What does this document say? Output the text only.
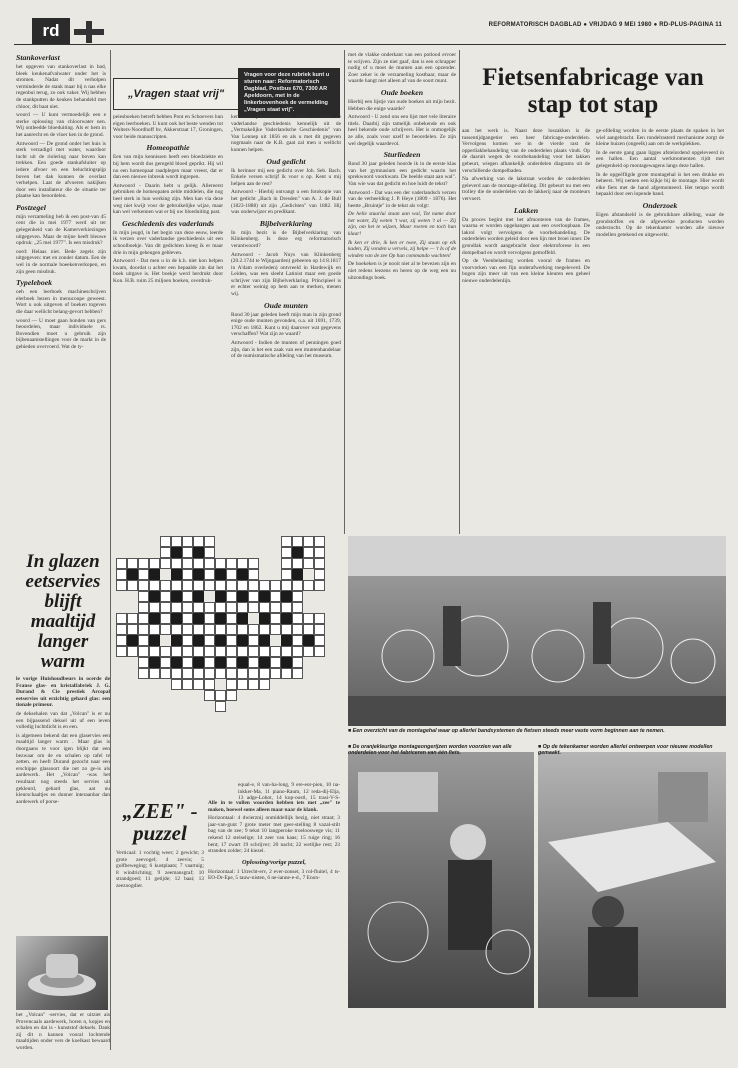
rd	REFORMATORISCH DAGBLAD ● VRIJDAG 9 MEI 1980 ● RD-PLUS-PAGINA 11
Stankoverlast

het opgeven van stankoverlast in bad, bleek keukenafvalwater onder het is stromen. Nadat dit verholpen verminderde de stank maar bij n nas elke regenbui terug, zo ook vaker. Wij hebben de stankputten de keuken behandeld met chloor, dit baat niet.

woord — U kunt vermoedelijk een e sterke oplossing van chloorwater nen. Wij ontleedde bloeduiting. Als er hem in het aanrecht en de vloer ken in de grond.

Antwoord — De grond onder het huis is sterk verzadigd met water, waardoor lucht uit de riolering naar boven kan trekken. Een goede stankafsluiter op iedere afvoer en een beluchtingspijp boven het dak kunnen de overlast verhelpen. Laat de afvoeren nakijken door een installateur die de situatie ter plaatse kan beoordelen.

Postzegel

mijn verzameling heb ik een post-van 45 cent die in mei 1977 werd uit ter gelegenheid van de Kamerverkiezingen uitgegeven. Maar de mijne heeft bleuwe opdruk: „25 mei 1977". Is een misdruk?

oord: Helaas niet. Bede zegels zijn uitgegeven: met en zonder datum. Een de wel in de normale boeekenverkopen, en zijn geen misdruk.

Typeleboek

oeh een leerboek machineschrijven elerboek bezen in menucoupe geweest. Wort u ook uitgeven of boeken togeven die daar wellicht belang-gevort hebben?

woord — U moet gaan honden van gers beoordelen, maar individuele rs. Bovendien moet u gebruik zijn bijbenaamstellingen voor de markt in de gebieden overvoerd. Wat de ty-

In glazen eetservies blijft maaltijd langer warm

le vorige Huishoudbeurs in ocerde de Franse glas- en kristalfabriek J. G. Durand & Cie prestiek Arcopal eetservies uit erzichtig gehard glas: een tionale primeur.

de deksehalen van dat „Volcan" is er nu een bijpassend deksel uit uf een ieven volledig luchtdicht is en een.

is algemeen bekend dat een glaservies een maaltijd langer warm . Maar glas is doorgaans te voor igen blijkt dat een bezwaar om de en schalen op tafel te zetten. en heeft Durand gezocht naar een erschippe glassoort die net zo ge-is als aardewerk. Het „Volcan" -was het resultaat: nog steeds het servies uit gekleurd, gehard glas, aat nu kleurschaaltjes en dunner interaanbar dan aardewerk of porse-

het „Volcan" -servies, dat er uitziet ais Provencaals aardewerk, horen n, kopjes en schalen en dat is - kunststof deksels. Dank zij dit n kannen vooral lochtende maaltijden onder vers de koelkast bewaard worden.

„Vragen staat vrij"
Vragen voor deze rubriek kunt u sturen naar: Reformatorisch Dagblad, Postbus 670, 7300 AR Apeldoorn, met in de linkerbovenhoek de vermelding „Vragen staat vrij".

peiesboeken betreft hebben Pont en Schoevers hun eigen leerboeken. U kunt ook het beste wenden tot Wolters-Noordhoff bv, Akkerstraat 17, Groningen, voor beide manuscripten.

Homeopathie

Een van mijn kennissen heeft een bloedziekte en bij hem wordt dus geregeld bloed geprikt. Hij wil nu een homeopaat raadplegen maar vreest, dat er dan een nieuwe inbreuk wordt ingrepen.

Antwoord - Daarin hebt u gelijk. Allereerst gebruiken de homeopaten zelde middelen, die nog heel sterk in hun werking zijn. Men kan via deze weg niet kwijt voor de gebruikelijke wijze, maar kan wel verkennen wat er bij uw bloeduiting past.

Geschiedenis des vaderlands

In mijn jeugd, in het begin van deze eeuw, leerde ik verzen over vaderlandse geschiedenis uit een schoolboekje. Van dit gedichten kreeg ik er maar drie in mijn geheugen gebleven.

Antwoord - Dat men u in de k.h. niet kon helpen kwam, doordat u achter een bepaalde zin dat het boek uitgave is. Het boekje werd herdrukt door Kon. H.B. ruim 25 miljoen boeken, overdruk-

ken e.d. publikaties telt. Maar u hoeft de vaderlandse geschiedenis kennelijk uit de „Vermakelijke Vaderlandsche Geschiedenis" van Van Lennep uit 1856 en als u met dit gegeven nogmaals naar de K.B. gaat zal men u wellicht kunnen helpen.

Oud gedicht

Ik herinner mij een gedicht over Joh. Seb. Bach. Enkele versen schrijf ik voor u op. Kent u mij helpen aan de rest?

Antwoord - Hierbij ontvangt u een fotokopie van het gedicht „Bach in Dresden" van A. J. de Bull (1823-1888) uit zijn „Gedichten" van 1882. Hij was onderwijzer en predikant.

Bijbelverklaring

In mijn bezit is de Bijbelverklaring van Klinkenberg. Is deze erg reformatorisch verantwoord?

Antwoord - Jacob Nuys van Klinkenberg (20.2.1744 te Wijngaarden) gebeeren op 14 8.1817 in A'dam overleden) ontvreeld in Hardewijk en Leiden, was een sleeht Latinist maar een goede schrijver van zijn Bijbelverklaring. Principieel is er echter weinig op hem aan te merken, menen wij.

Oude munten

Rond 30 jaar geleden heeft mijn man in zijn grond enige oude munten gevonden, o.a. uit 1691, 1739, 1702 en 1862. Kunt u mij daarover wat gegevens verschaffen? Wat zijn ze waard?

Antwoord - Indien de munten of penningen goed zijn, dan is het een zaak van een muntenhandelaar of de numismatische afdeling van het museum.

met de vlakke onderkant van een potlood ervoer te wrijven. Zijn ze niet gaaf, dan is een schrapper nodig of u moet de munten aan een opzender. Zoer zeker is de verzameling kostbaar, maar de waarde hangt niet alleen af van de soort munt.

Oude boeken

Hierbij een lijstje van oude boeken uit mijn bezit. Hebben die enige waarde?

Antwoord - U zend ons een lijst met vele literaire titels. Daarbij zijn tamelijk onbekende en ook heel bekende oude schrijvers. Het is onmogelijk ze alle, zoals voor uzelf te beoordelen. Ze zijn wel degelijk waardevol.

Sturliedeen

Rond 30 jaar geleden hoorde ik in de eerste klas van het gymnasium een gedicht waarin het sprekwoord voorkwam. De beelde staat aan wal". Van wie was dat gedicht en hoe luidt de tekst?

Antwoord - Dat was een der vaderlandsch verzen van de verbeelding J. P. Heye (1809 - 1876). Het heette „Bruintje" in de tekst als volgt:

De helie stuurlui staan aan wal, Tot name door het water, Zij weten 't wat, zij weten 't al — Zij zijn, om het te wijzen, Maar roeren en toch hun klaar!

Ik ken er drie, ik ken er twee, Zij staan op elk kaden, Zij vonden u vervels, zij helpe — 't Is of de winden van de zee Op hun commando wachten!

De hoekeken is je nooit niet al te bevezen zijn en niet redens leezens en heren op de weg een nu uitzondings boek.

Fietsenfabricage van stap tot stap

aan het werk is. Naast deze loszakken is de tussentijdgangetier een heer fabricage-onderdelen. Vervolgens komen we in de vierde rast de opperliakbehandeling van de onderdelen plaats vindt. Op de daaruit wegen de voorbehandeling voor het lakken gebeurt, wiegen afhankelijk onderdelen diagrams uit de verschillende dompelbaden.

Na afwerking van de lakstraat worden de onderdelen geleverd aan de montage-afdeling. Dit gebeurt nu met een trolley die de onderdelen van de lakkerij naar de monteurs vervoert.

Lakken

Da proces begint met het afmonteren van de frames, waarna er worden opgehangen aan een overloopbaan. De lakrol volgt vervolgens de voorbehandeling. De onderdelen worden geleid door een lijn met broei inner. De grondlak wordt aangebracht door elektroforese in een dompelbad en wordt vervolgens gemoffeld.

Op de Veenbelasting worden vooral de frames en voorvorken van een fijn onderafwerking toegeleverd. De bogen zijn meer uit van een kleine kleuren een geheel nieuwe onderdelenlijn.

ge-ofdeling worden in de eerste plaats de spaken in het wiel aangebracht. Een rondelrasterd mechanisme zorgt de kleine huizen (ongeelk) aan om de werkplekken.

In de eerste gang gaan ligges afstelordend opgeleveerd in een hallen. Een aantal werkmomenten rijdt met gelegenheid op montagewagens langs deze hallen.

In de opgeëfligde grote montagehal is het een drukke en beheers. Wij nemen een kijkje bij de montage. Hier wordt elke fiets met de hand afgemonteerd. Het tempo wordt bepaald door een lopende band.

Onderzoek

Eigen afstandseld is de gebruikbare afdeling, waar de grondstoffen en de afgewerkte producten worden onderzocht. Op de tekenkamer worden alle nieuwe modellen getekend en uitgewerkt.

■ Een overzicht van de montagehal waar op allerlei bandsystemen de fietsen steeds meer vaste vorm beginnen aan te nemen.
■ De oranjekleurige montageongerijzen worden voorzien van alle onderdelen voor het fabriceren van één fiets.
■ Op de tekenkamer worden allerlei ontwerpen voor nieuwe modellen gemaakt.
„ZEE" -puzzel

Alle in te vullen woorden hebben iets met „zee" te maken, hoewel soms alleen maar naar de klank.

Horizontaal: 4 dwierznij onmiddellijk bezig, niet straat; 3 jaar-van-gunt 7 grote meter met geer-stelling 8 vazal-stilt bag van de zee; 9 tekst 10 langperoke troelooswege vis; 11 rekend 12 stelselige; 14 zeer van kaas; 15 ruige ring; 16 bent; 17 zwart 19 schrijver; 20 nacht; 22 wetlijke rest; 23 stranden zolder; 24 kiezel.

Oplossing/vorige puzzel,

Horizontaal: 1 Utrecht-erv, 2 ever-zonset, 3 rol-fluitel, 4 ts-EO-Dr-Epe, 5 tauw-nisten, 6 ne-ianne-e-d., 7 Enon-

Verticaal: 1 vochtig weer; 2 gewicht; 3 grote zeevogel; 4 zeevis; 5 golfbeweging; 6 kustplaats; 7 vaartuig; 8 windrichting; 9 zeemansgraf; 10 strandgoed; 11 getijde; 12 baai; 13 zeezoogdier.

equal-e, 8 van-ha-long, 9 ere-eor-pien, 10 na-inkker-Ma, 11 piano-Raum, 12 reda-dij-Elja, 13 adge-Lohot, 14 kop-oostl, 15 trasi-V-S-
